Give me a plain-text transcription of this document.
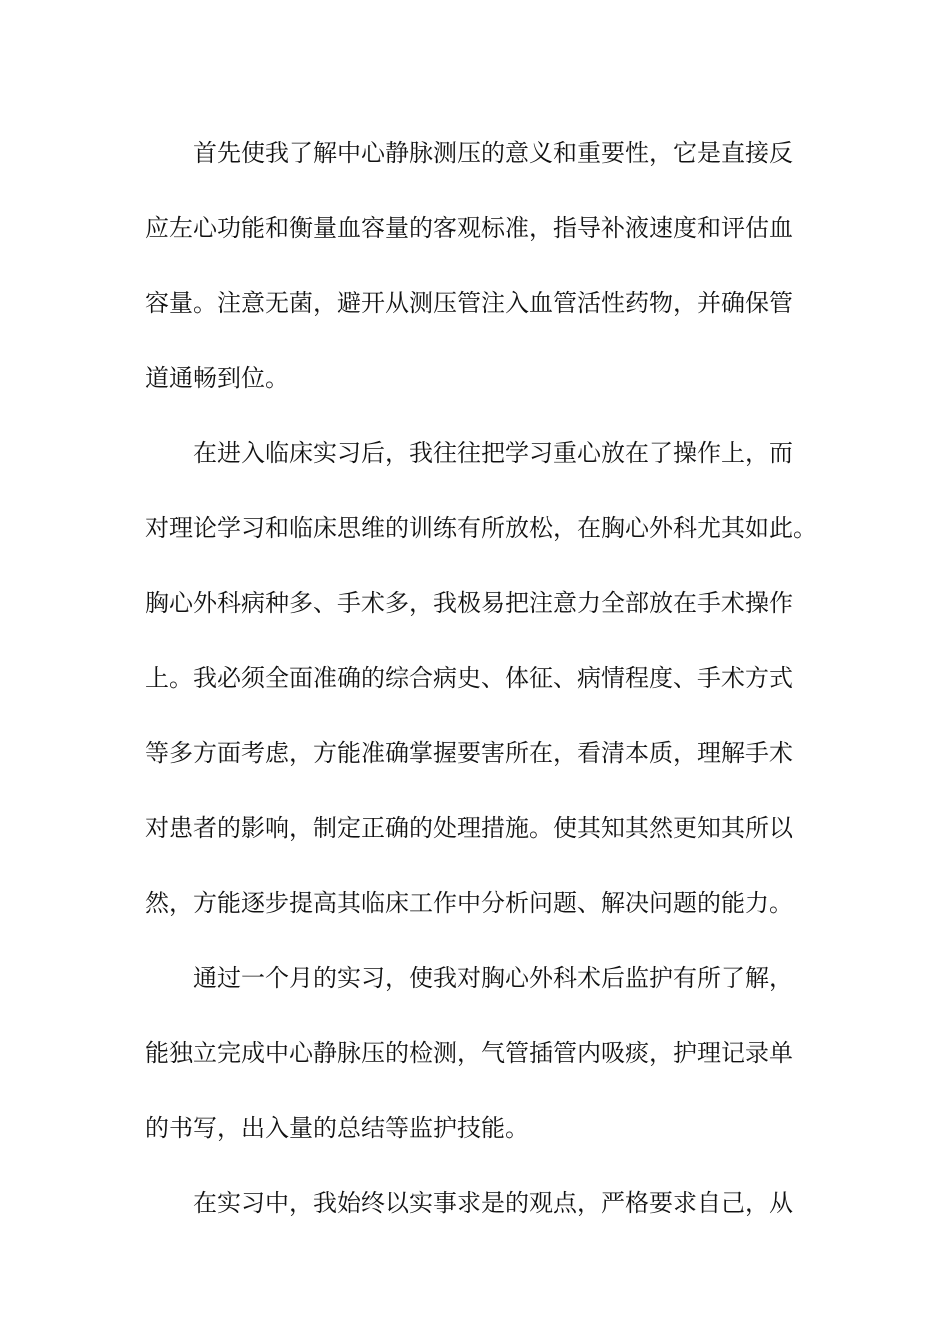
首先使我了解中心静脉测压的意义和重要性，它是直接反
应左心功能和衡量血容量的客观标准，指导补液速度和评估血
容量。注意无菌，避开从测压管注入血管活性药物，并确保管
道通畅到位。
在进入临床实习后，我往往把学习重心放在了操作上，而
对理论学习和临床思维的训练有所放松，在胸心外科尤其如此。
胸心外科病种多、手术多，我极易把注意力全部放在手术操作
上。我必须全面准确的综合病史、体征、病情程度、手术方式
等多方面考虑，方能准确掌握要害所在，看清本质，理解手术
对患者的影响，制定正确的处理措施。使其知其然更知其所以
然，方能逐步提高其临床工作中分析问题、解决问题的能力。
通过一个月的实习，使我对胸心外科术后监护有所了解，
能独立完成中心静脉压的检测，气管插管内吸痰，护理记录单
的书写，出入量的总结等监护技能。
在实习中，我始终以实事求是的观点，严格要求自己，从
